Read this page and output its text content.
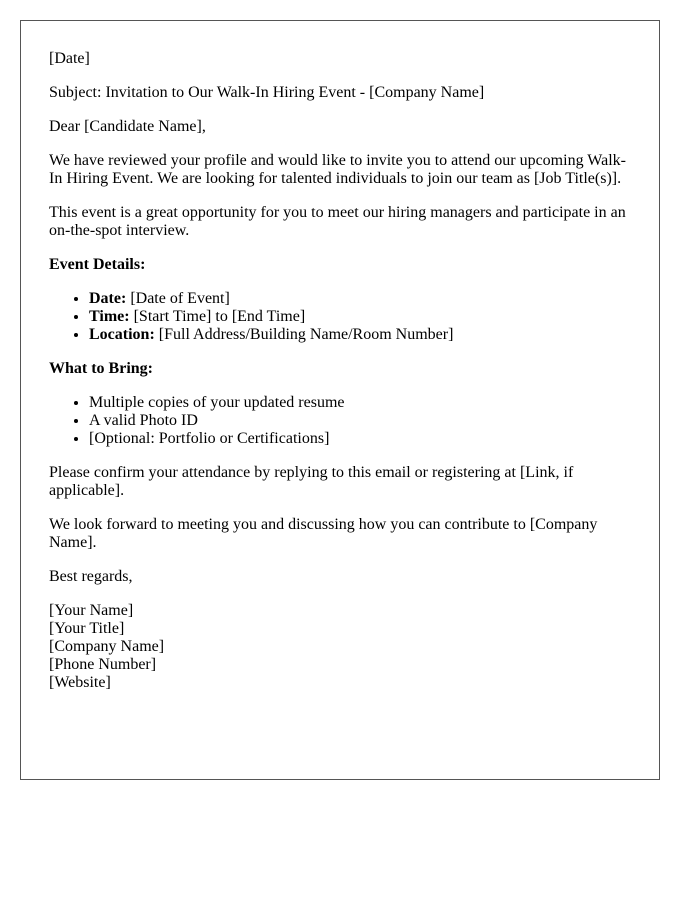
[Date]

Subject: Invitation to Our Walk-In Hiring Event - [Company Name]

Dear [Candidate Name],

We have reviewed your profile and would like to invite you to attend our upcoming Walk-In Hiring Event. We are looking for talented individuals to join our team as [Job Title(s)].

This event is a great opportunity for you to meet our hiring managers and participate in an on-the-spot interview.

Event Details:

• Date: [Date of Event]
• Time: [Start Time] to [End Time]
• Location: [Full Address/Building Name/Room Number]

What to Bring:

• Multiple copies of your updated resume
• A valid Photo ID
• [Optional: Portfolio or Certifications]

Please confirm your attendance by replying to this email or registering at [Link, if applicable].

We look forward to meeting you and discussing how you can contribute to [Company Name].

Best regards,

[Your Name]
[Your Title]
[Company Name]
[Phone Number]
[Website]
